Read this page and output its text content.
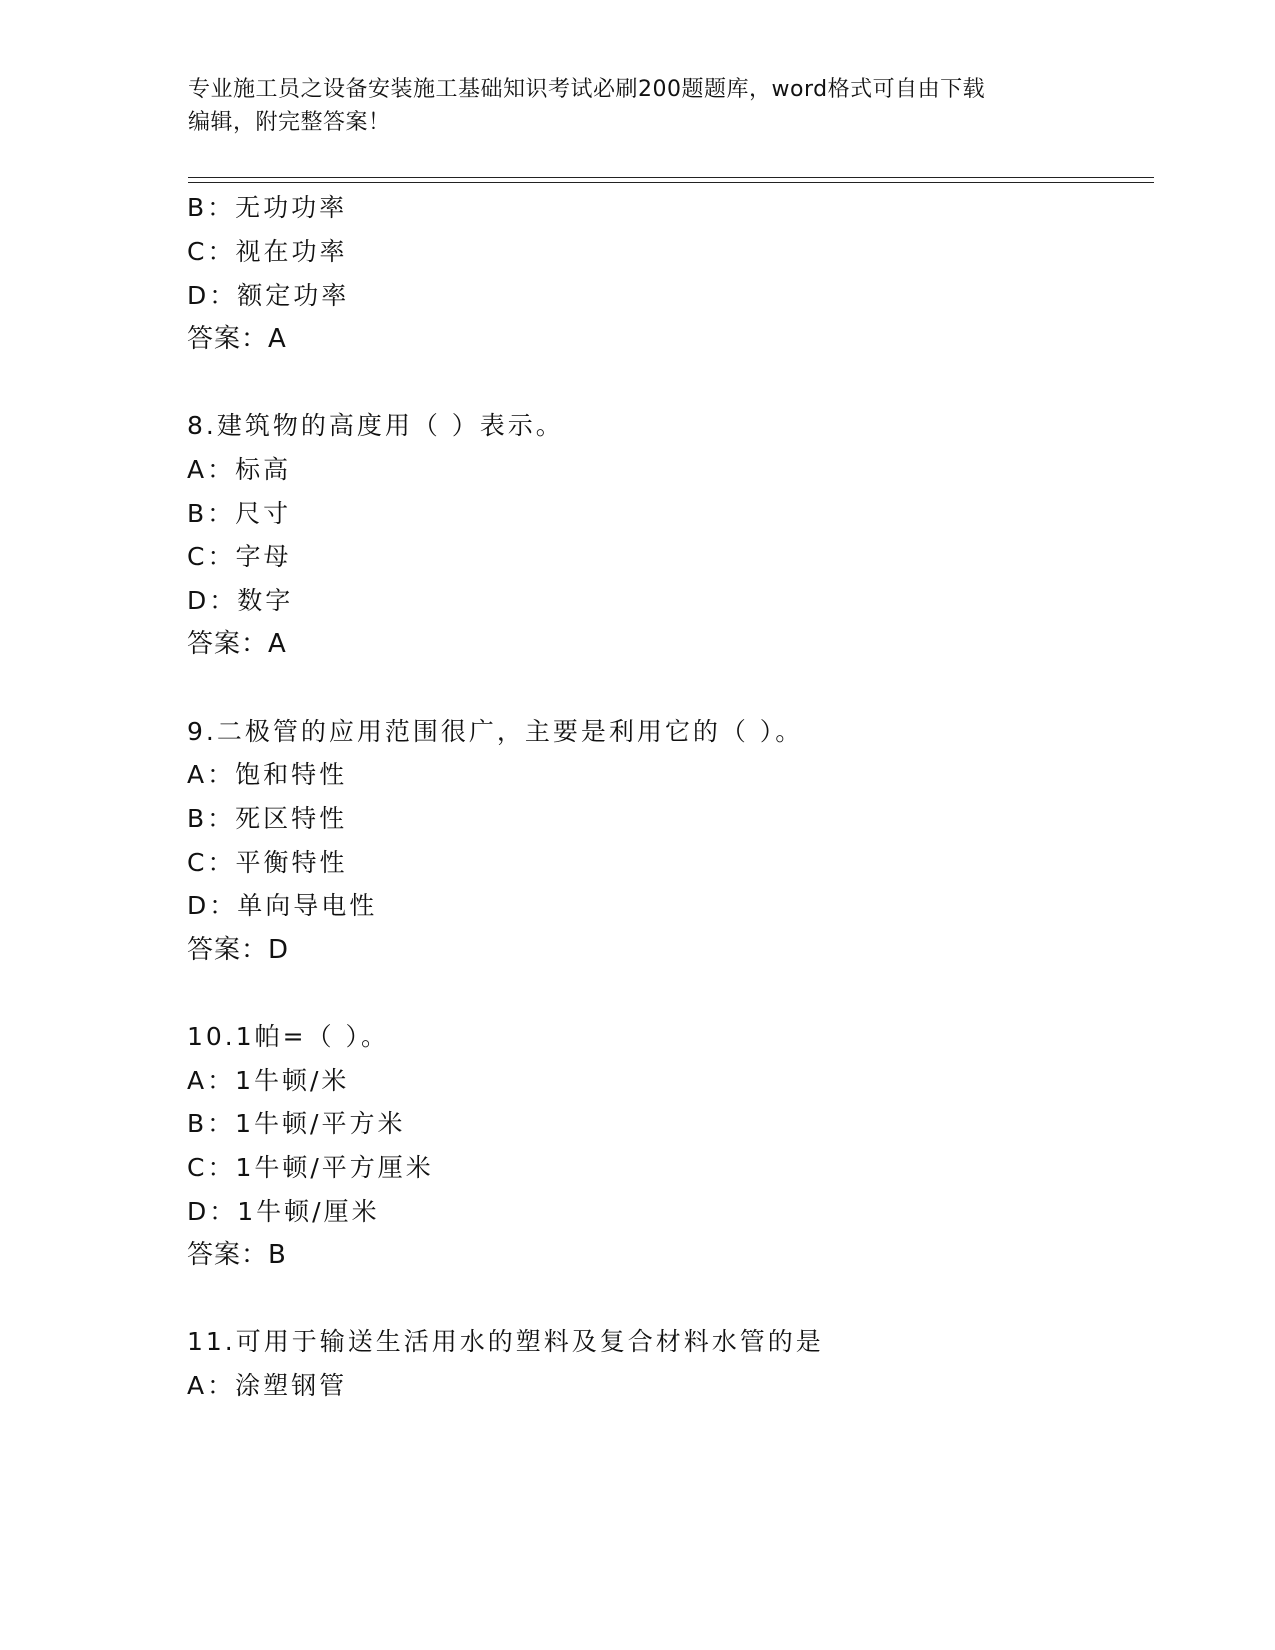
专业施工员之设备安装施工基础知识考试必刷200题题库，word格式可自由下载
编辑，附完整答案！
B：无功功率
C：视在功率
D：额定功率
答案：A
8.建筑物的高度用（ ）表示。
A：标高
B：尺寸
C：字母
D：数字
答案：A
9.二极管的应用范围很广，主要是利用它的（ ）。
A：饱和特性
B：死区特性
C：平衡特性
D：单向导电性
答案：D
10.1帕=（ ）。
A：1牛顿/米
B：1牛顿/平方米
C：1牛顿/平方厘米
D：1牛顿/厘米
答案：B
11.可用于输送生活用水的塑料及复合材料水管的是
A：涂塑钢管
